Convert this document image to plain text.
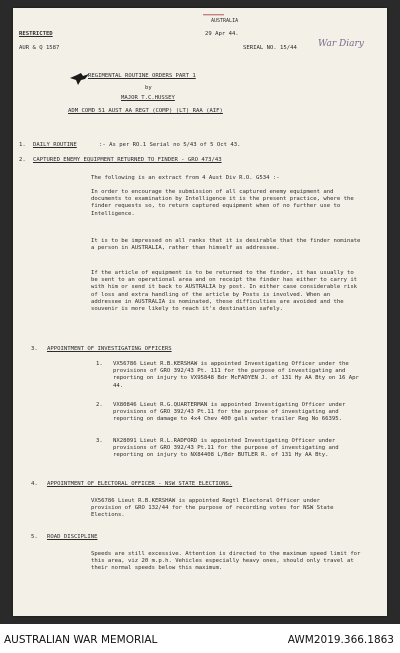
▬▬▬▬▬▬▬
AUSTRALIA
RESTRICTED
AUR & Q 1587
29 Apr 44.
SERIAL NO. 15/44 War Diary
REGIMENTAL ROUTINE ORDERS PART 1
by
MAJOR T.C.HUSSEY
ADM COMD 51 AUST AA REGT (COMP) (LT) RAA (AIF)
1. DAILY ROUTINE	:- As per RO.1 Serial no 5/43 of 5 Oct 43.
2. CAPTURED ENEMY EQUIPMENT RETURNED TO FINDER - GRO 473/43
The following is an extract from 4 Aust Div R.O. G534 :-
In order to encourage the submission of all captured enemy equipment and documents to examination by Intelligence it is the present practice, where the finder requests so, to return captured equipment when of no further use to Intelligence.
It is to be impressed on all ranks that it is desirable that the finder nominate a person in AUSTRALIA, rather than himself as addressee.
If the article of equipment is to be returned to the finder, it has usually to be sent to an operational area and on receipt the finder has either to carry it with him or send it back to AUSTRALIA by post. In either case considerable risk of loss and extra handling of the article by Posts is involved. When an addressee in AUSTRALIA is nominated, these difficulties are avoided and the souvenir is more likely to reach it's destination safely.
3. APPOINTMENT OF INVESTIGATING OFFICERS
1. VX56786 Lieut R.B.KERSHAW is appointed Investigating Officer under the provisions of GRO 392/43 Pt. 111 for the purpose of investigating and reporting on injury to VX95848 Bdr McFADYEN J. of 131 Hy AA Bty on 16 Apr 44.
2. VX80846 Lieut R.G.QUARTERMAN is appointed Investigating Officer under provisions of GRO 392/43 Pt.11 for the purpose of investigating and reporting on damage to 4x4 Chev 400 gals water trailer Reg No 66395.
3. NX28091 Lieut R.L.RADFORD is appointed Investigating Officer under provisions of GRO 392/43 Pt.11 for the purpose of investigating and reporting on injury to NX84408 L/Bdr BUTLER R. of 131 Hy AA Bty.
4. APPOINTMENT OF ELECTORAL OFFICER - NSW STATE ELECTIONS.
VX56786 Lieut R.B.KERSHAW is appointed Regtl Electoral Officer under provision of GRO 132/44 for the purpose of recording votes for NSW State Elections.
5. ROAD DISCIPLINE
Speeds are still excessive. Attention is directed to the maximum speed limit for this area, viz 20 m.p.h. Vehicles especially heavy ones, should only travel at their normal speeds below this maximum.
AUSTRALIAN WAR MEMORIAL	AWM2019.366.1863
